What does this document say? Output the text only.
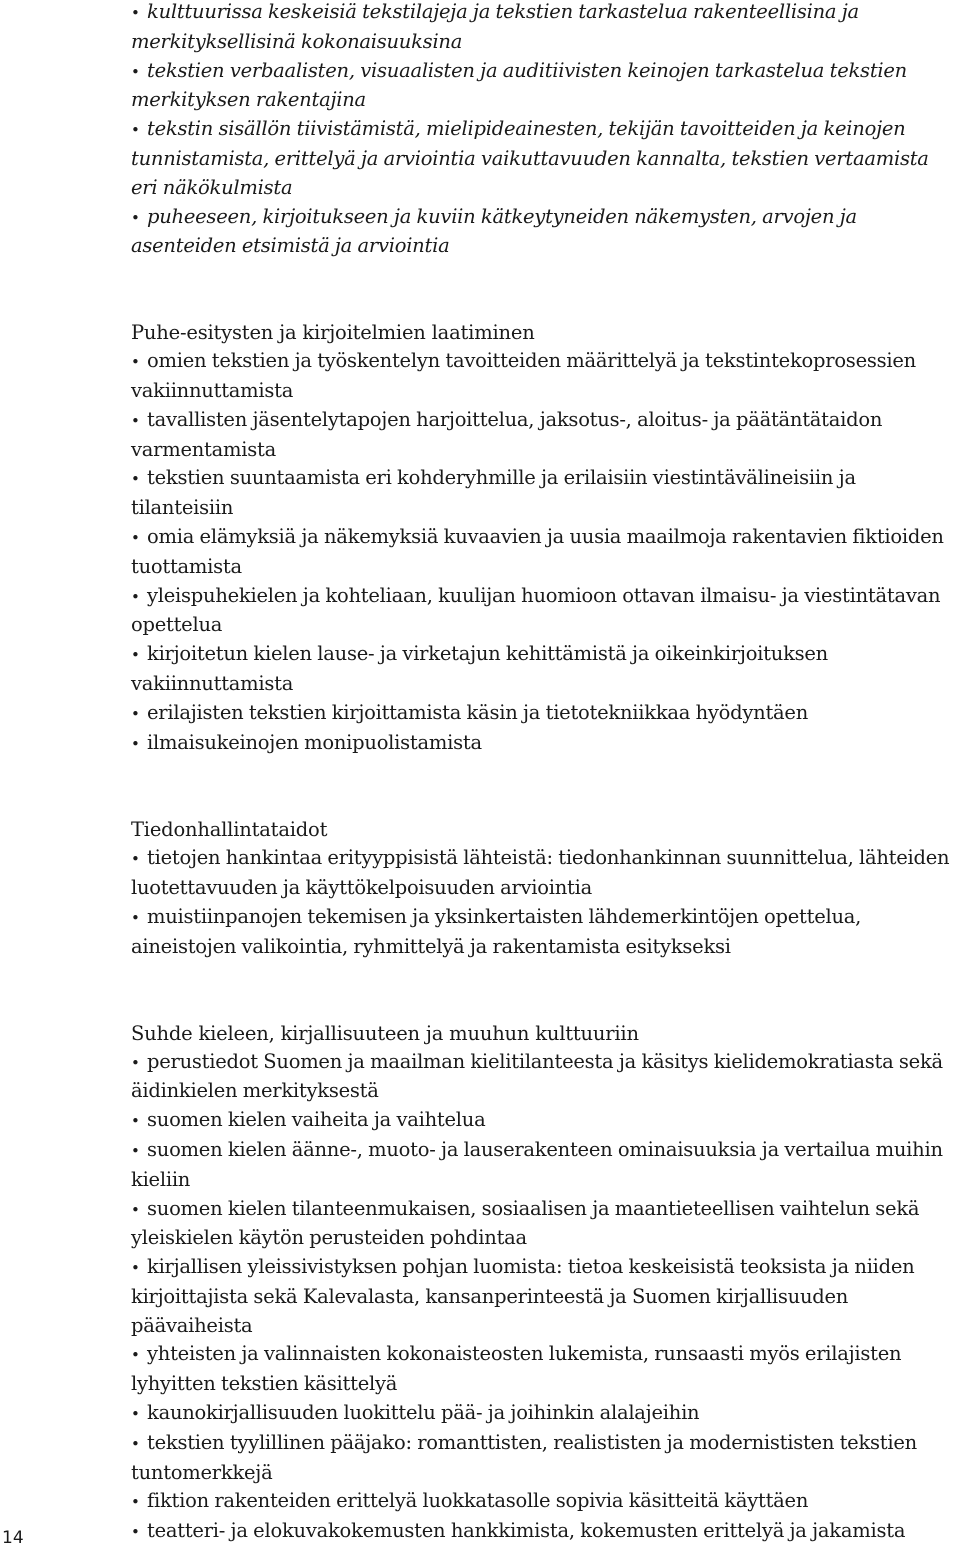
• kulttuurissa keskeisiä tekstilajeja ja tekstien tarkastelua rakenteellisina ja merkityksellisinä kokonaisuuksina
• tekstien verbaalisten, visuaalisten ja auditiivisten keinojen tarkastelua tekstien merkityksen rakentajina
• tekstin sisällön tiivistämistä, mielipideainesten, tekijän tavoitteiden ja keinojen tunnistamista, erittelyä ja arviointia vaikuttavuuden kannalta, tekstien vertaamista eri näkökulmista
• puheeseen, kirjoitukseen ja kuviin kätkeytyneiden näkemysten, arvojen ja asenteiden etsimistä ja arviointia

Puhe-esitysten ja kirjoitelmien laatiminen

• omien tekstien ja työskentelyn tavoitteiden määrittelyä ja tekstintekoprosessien vakiinnuttamista
• tavallisten jäsentelytapojen harjoittelua, jaksotus-, aloitus- ja päätäntätaidon varmentamista
• tekstien suuntaamista eri kohderyhmille ja erilaisiin viestintävälineisiin ja tilanteisiin
• omia elämyksiä ja näkemyksiä kuvaavien ja uusia maailmoja rakentavien fiktioiden tuottamista
• yleispuhekielen ja kohteliaan, kuulijan huomioon ottavan ilmaisu- ja viestintätavan opettelua
• kirjoitetun kielen lause- ja virketajun kehittämistä ja oikeinkirjoituksen vakiinnuttamista
• erilajisten tekstien kirjoittamista käsin ja tietotekniikkaa hyödyntäen
• ilmaisukeinojen monipuolistamista

Tiedonhallintataidot

• tietojen hankintaa erityyppisistä lähteistä: tiedonhankinnan suunnittelua, lähteiden luotettavuuden ja käyttökelpoisuuden arviointia
• muistiinpanojen tekemisen ja yksinkertaisten lähdemerkintöjen opettelua, aineistojen valikointia, ryhmittelyä ja rakentamista esitykseksi

Suhde kieleen, kirjallisuuteen ja muuhun kulttuuriin

• perustiedot Suomen ja maailman kielitilanteesta ja käsitys kielidemokratiasta sekä äidinkielen merkityksestä
• suomen kielen vaiheita ja vaihtelua
• suomen kielen äänne-, muoto- ja lauserakenteen ominaisuuksia ja vertailua muihin kieliin
• suomen kielen tilanteenmukaisen, sosiaalisen ja maantieteellisen vaihtelun sekä yleiskielen käytön perusteiden pohdintaa
• kirjallisen yleissivistyksen pohjan luomista: tietoa keskeisistä teoksista ja niiden kirjoittajista sekä Kalevalasta, kansanperinteestä ja Suomen kirjallisuuden päävaiheista
• yhteisten ja valinnaisten kokonaisteosten lukemista, runsaasti myös erilajisten lyhyitten tekstien käsittelyä
• kaunokirjallisuuden luokittelu pää- ja joihinkin alalajeihin
• tekstien tyylillinen pääjako: romanttisten, realististen ja modernististen tekstien tuntomerkkejä
• fiktion rakenteiden erittelyä luokkatasolle sopivia käsitteitä käyttäen
• teatteri- ja elokuvakokemusten hankkimista, kokemusten erittelyä ja jakamista
14
